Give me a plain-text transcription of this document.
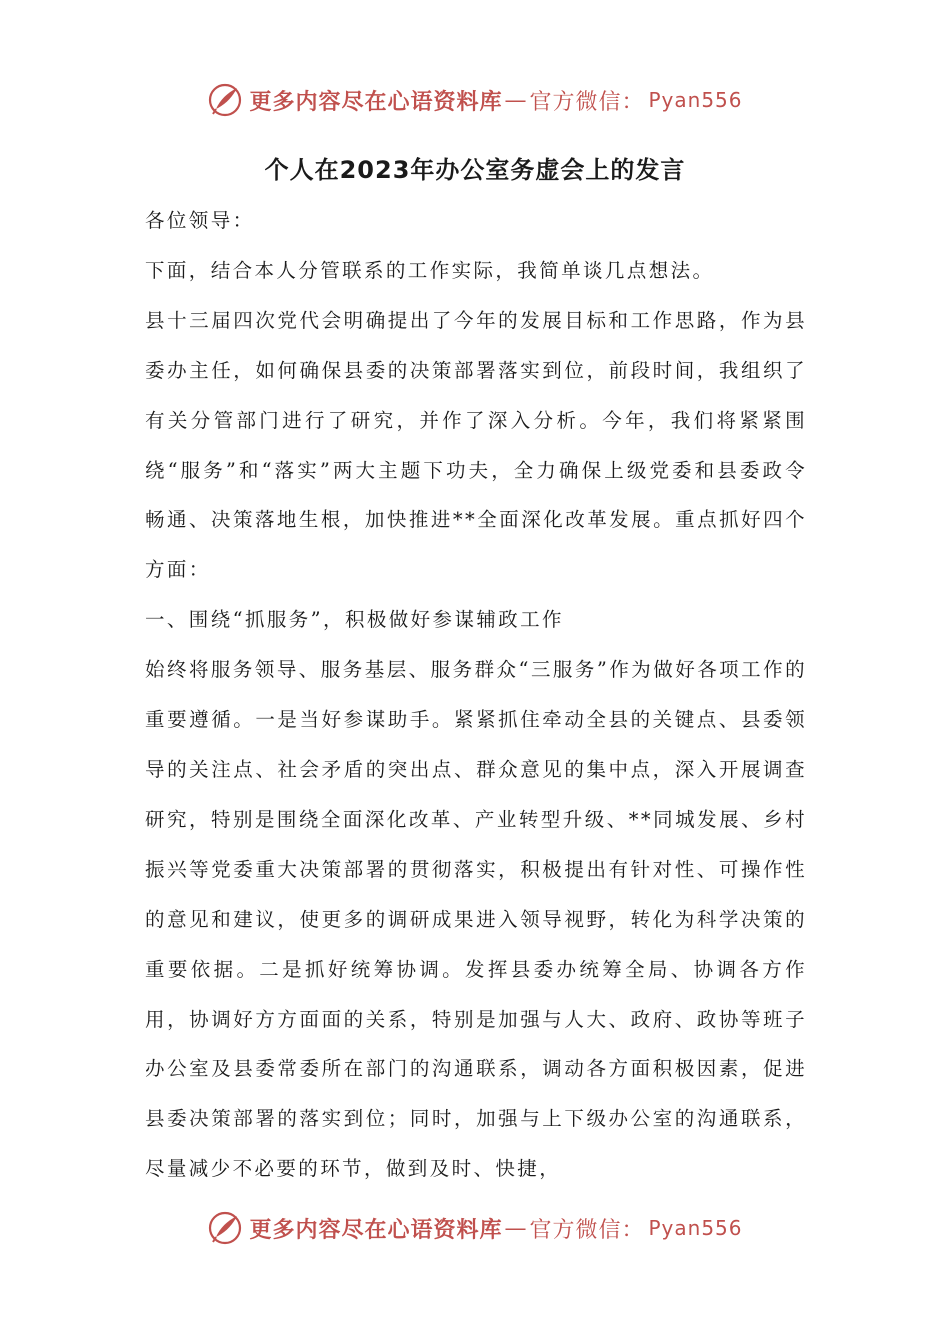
更多内容尽在心语资料库 — 官方微信： Pyan556
个人在2023年办公室务虚会上的发言

各位领导：

下面，结合本人分管联系的工作实际，我简单谈几点想法。

县十三届四次党代会明确提出了今年的发展目标和工作思路，作为县委办主任，如何确保县委的决策部署落实到位，前段时间，我组织了有关分管部门进行了研究，并作了深入分析。今年，我们将紧紧围绕“服务”和“落实”两大主题下功夫，全力确保上级党委和县委政令畅通、决策落地生根，加快推进**全面深化改革发展。重点抓好四个方面：

一、围绕“抓服务”，积极做好参谋辅政工作

始终将服务领导、服务基层、服务群众“三服务”作为做好各项工作的重要遵循。一是当好参谋助手。紧紧抓住牵动全县的关键点、县委领导的关注点、社会矛盾的突出点、群众意见的集中点，深入开展调查研究，特别是围绕全面深化改革、产业转型升级、**同城发展、乡村振兴等党委重大决策部署的贯彻落实，积极提出有针对性、可操作性的意见和建议，使更多的调研成果进入领导视野，转化为科学决策的重要依据。二是抓好统筹协调。发挥县委办统筹全局、协调各方作用，协调好方方面面的关系，特别是加强与人大、政府、政协等班子办公室及县委常委所在部门的沟通联系，调动各方面积极因素，促进县委决策部署的落实到位；同时，加强与上下级办公室的沟通联系，尽量减少不必要的环节，做到及时、快捷，

更多内容尽在心语资料库 — 官方微信： Pyan556
